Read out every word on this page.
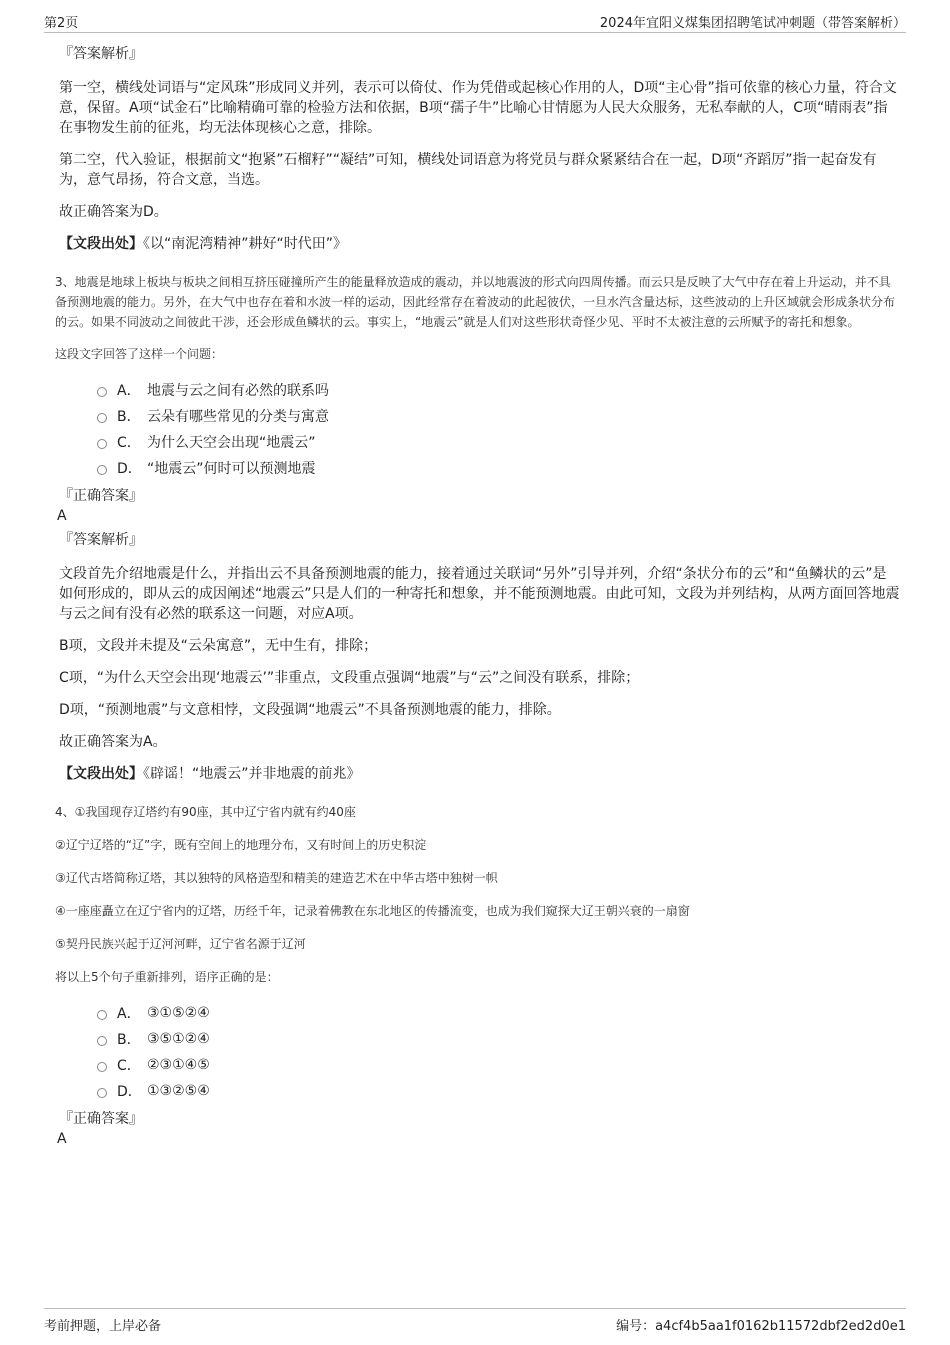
第2页	2024年宜阳义煤集团招聘笔试冲刺题（带答案解析）
『答案解析』
第一空，横线处词语与“定风珠”形成同义并列，表示可以倚仗、作为凭借或起核心作用的人，D项“主心骨”指可依靠的核心力量，符合文意，保留。A项“试金石”比喻精确可靠的检验方法和依据，B项“孺子牛”比喻心甘情愿为人民大众服务，无私奉献的人，C项“晴雨表”指在事物发生前的征兆，均无法体现核心之意，排除。
第二空，代入验证，根据前文“抱紧”石榴籽”“凝结”可知，横线处词语意为将党员与群众紧紧结合在一起，D项“齐蹈厉”指一起奋发有为，意气昂扬，符合文意，当选。
故正确答案为D。
【文段出处】《以“南泥湾精神”耕好“时代田”》
3、地震是地球上板块与板块之间相互挤压碰撞所产生的能量释放造成的震动，并以地震波的形式向四周传播。而云只是反映了大气中存在着上升运动，并不具备预测地震的能力。另外，在大气中也存在着和水波一样的运动，因此经常存在着波动的此起彼伏，一旦水汽含量达标，这些波动的上升区域就会形成条状分布的云。如果不同波动之间彼此干涉，还会形成鱼鳞状的云。事实上，“地震云”就是人们对这些形状奇怪少见、平时不太被注意的云所赋予的寄托和想象。
这段文字回答了这样一个问题：
A． 地震与云之间有必然的联系吗
B． 云朵有哪些常见的分类与寓意
C． 为什么天空会出现“地震云”
D． “地震云”何时可以预测地震
『正确答案』
A
『答案解析』
文段首先介绍地震是什么，并指出云不具备预测地震的能力，接着通过关联词“另外”引导并列，介绍“条状分布的云”和“鱼鳞状的云”是如何形成的，即从云的成因阐述“地震云”只是人们的一种寄托和想象，并不能预测地震。由此可知，文段为并列结构，从两方面回答地震与云之间有没有必然的联系这一问题，对应A项。
B项，文段并未提及“云朵寓意”，无中生有，排除；
C项，“为什么天空会出现‘地震云’”非重点，文段重点强调“地震”与“云”之间没有联系，排除；
D项，“预测地震”与文意相悖，文段强调“地震云”不具备预测地震的能力，排除。
故正确答案为A。
【文段出处】《辟谣！“地震云”并非地震的前兆》
4、①我国现存辽塔约有90座，其中辽宁省内就有约40座
②辽宁辽塔的“辽”字，既有空间上的地理分布，又有时间上的历史积淀
③辽代古塔简称辽塔，其以独特的风格造型和精美的建造艺术在中华古塔中独树一帜
④一座座矗立在辽宁省内的辽塔，历经千年，记录着佛教在东北地区的传播流变，也成为我们窥探大辽王朝兴衰的一扇窗
⑤契丹民族兴起于辽河河畔，辽宁省名源于辽河
将以上5个句子重新排列，语序正确的是：
A． ③①⑤②④
B． ③⑤①②④
C． ②③①④⑤
D． ①③②⑤④
『正确答案』
A
考前押题，上岸必备	编号：a4cf4b5aa1f0162b11572dbf2ed2d0e1
